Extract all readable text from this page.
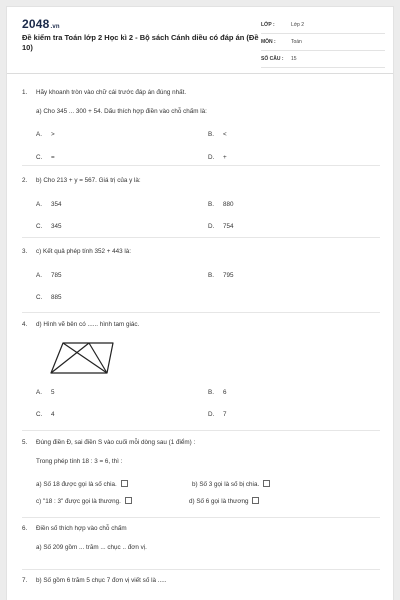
2048.vn
Đề kiểm tra Toán lớp 2 Học kì 2 - Bộ sách Cánh diều có đáp án (Đề 10)
LỚP :	Lớp 2
MÔN :	Toán
SỐ CÂU : 15
1. Hãy khoanh tròn vào chữ cái trước đáp án đúng nhất.
a) Cho 345 ... 300 + 54. Dấu thích hợp điền vào chỗ chấm là:
A. >	B. <
C. =	D. +
2. b) Cho 213 + y = 567. Giá trị của y là:
A. 354	B. 880
C. 345	D. 754
3. c) Kết quả phép tính 352 + 443 là:
A. 785	B. 795
C. 885
4. d) Hình vẽ bên có ...... hình tam giác.
A. 5	B. 6
C. 4	D. 7
5. Đúng điền Đ, sai điền S vào cuối mỗi dòng sau (1 điểm) :
Trong phép tính 18 : 3 = 6, thì :
a) Số 18 được gọi là số chia.	b) Số 3 gọi là số bị chia.
c) "18 : 3" được gọi là thương.	d) Số 6 gọi là thương
6. Điền số thích hợp vào chỗ chấm
a) Số 209 gồm ... trăm ... chục .. đơn vị.
7. b) Số gồm 6 trăm 5 chục 7 đơn vị viết số là .....
